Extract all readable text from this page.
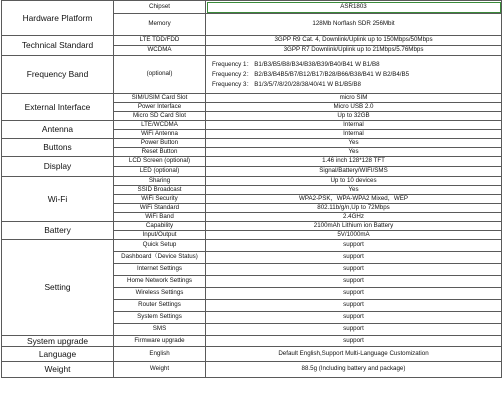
Hardware Platform	Chipset	ASR1803
	Memory	128Mb Norflash SDR 256Mbit
Technical Standard	LTE TDD/FDD	3GPP R9 Cat. 4, Downlink/Uplink up to 150Mbps/50Mbps
	WCDMA	3GPP R7 Downlink/Uplink up to 21Mbps/5.76Mbps
Frequency Band	(optional)	Frequency 1： B1/B3/B5/B8/B34/B38/B39/B40/B41 W B1/B8
Frequency 2： B2/B3/B4B5/B7/B12/B17/B28/B66/B38/B41 W B2/B4/B5
Frequency 3： B1/3/5/7/8/20/28/38/40/41 W B1/B5/B8

External Interface	SIM/USIM Card Slot	micro SIM
	Power Interface	Micro USB 2.0
	Micro SD Card Slot	Up to 32GB
Antenna	LTE/WCDMA	Internal
	WiFi Antenna	Internal
Buttons	Power Button	Yes
	Reset Button	Yes
Display	LCD Screen (optional)	1.46 inch 128*128 TFT
	LED (optional)	Signal/Battery/WIFI/SMS
Wi-Fi	Sharing	Up to 10 devices
	SSID Broadcast	Yes
	WiFi Security	WPA2-PSK，WPA-WPA2 Mixed，WEP
	WiFi Standard	802.11b/g/n,Up to 72Mbps
	WiFi Band	2.4GHz
Battery	Capability	2100mAh Lithium ion Battery
	Input/Output	5V/1000mA
Setting	Quick Setup	support
	Dashboard（Device Status)	support
	Internet Settings	support
	Home Network Settings	support
	Wireless Settings	support
	Router Settings	support
	System Settings	support
	SMS	support
System upgrade	Firmware upgrade	support
Language	English	Default English,Support Multi-Language Customization
Weight	Weight	88.5g (Including battery and package)
